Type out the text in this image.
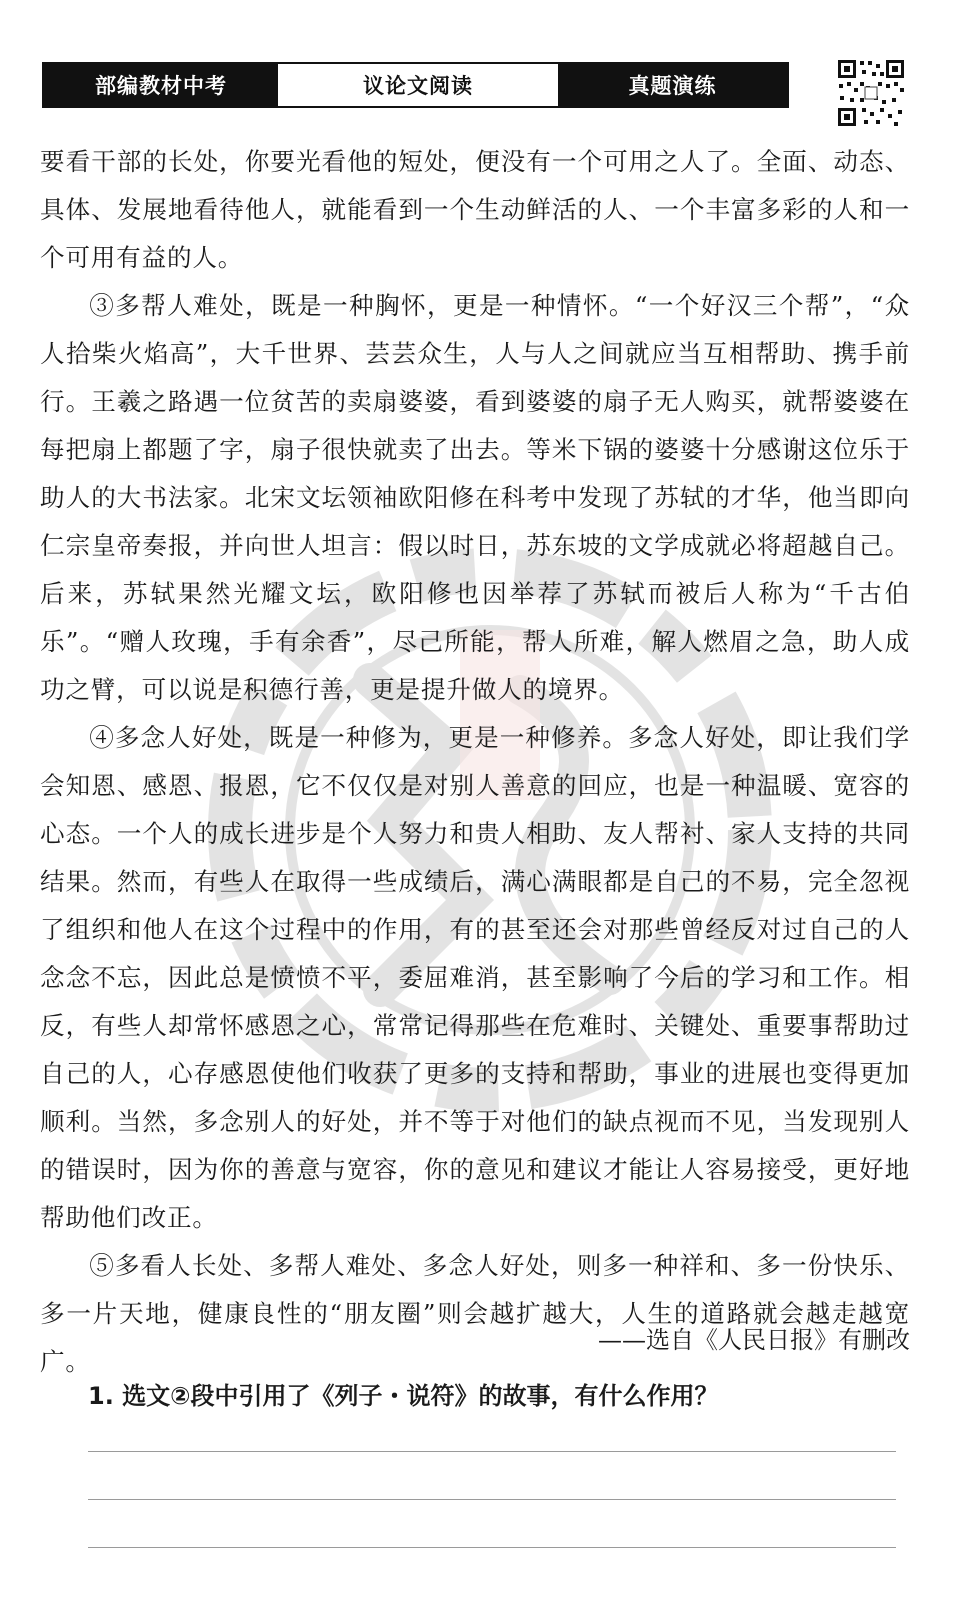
部编教材中考	议论文阅读	真题演练

要看干部的长处，你要光看他的短处，便没有一个可用之人了。全面、动态、具体、发展地看待他人，就能看到一个生动鲜活的人、一个丰富多彩的人和一个可用有益的人。

③多帮人难处，既是一种胸怀，更是一种情怀。“一个好汉三个帮”，“众人拾柴火焰高”，大千世界、芸芸众生，人与人之间就应当互相帮助、携手前行。王羲之路遇一位贫苦的卖扇婆婆，看到婆婆的扇子无人购买，就帮婆婆在每把扇上都题了字，扇子很快就卖了出去。等米下锅的婆婆十分感谢这位乐于助人的大书法家。北宋文坛领袖欧阳修在科考中发现了苏轼的才华，他当即向仁宗皇帝奏报，并向世人坦言：假以时日，苏东坡的文学成就必将超越自己。后来，苏轼果然光耀文坛，欧阳修也因举荐了苏轼而被后人称为“千古伯乐”。“赠人玫瑰，手有余香”，尽己所能，帮人所难，解人燃眉之急，助人成功之臂，可以说是积德行善，更是提升做人的境界。

④多念人好处，既是一种修为，更是一种修养。多念人好处，即让我们学会知恩、感恩、报恩，它不仅仅是对别人善意的回应，也是一种温暖、宽容的心态。一个人的成长进步是个人努力和贵人相助、友人帮衬、家人支持的共同结果。然而，有些人在取得一些成绩后，满心满眼都是自己的不易，完全忽视了组织和他人在这个过程中的作用，有的甚至还会对那些曾经反对过自己的人念念不忘，因此总是愤愤不平，委屈难消，甚至影响了今后的学习和工作。相反，有些人却常怀感恩之心，常常记得那些在危难时、关键处、重要事帮助过自己的人，心存感恩使他们收获了更多的支持和帮助，事业的进展也变得更加顺利。当然，多念别人的好处，并不等于对他们的缺点视而不见，当发现别人的错误时，因为你的善意与宽容，你的意见和建议才能让人容易接受，更好地帮助他们改正。

⑤多看人长处、多帮人难处、多念人好处，则多一种祥和、多一份快乐、多一片天地，健康良性的“朋友圈”则会越扩越大，人生的道路就会越走越宽广。

——选自《人民日报》有删改
1. 选文②段中引用了《列子・说符》的故事，有什么作用？
